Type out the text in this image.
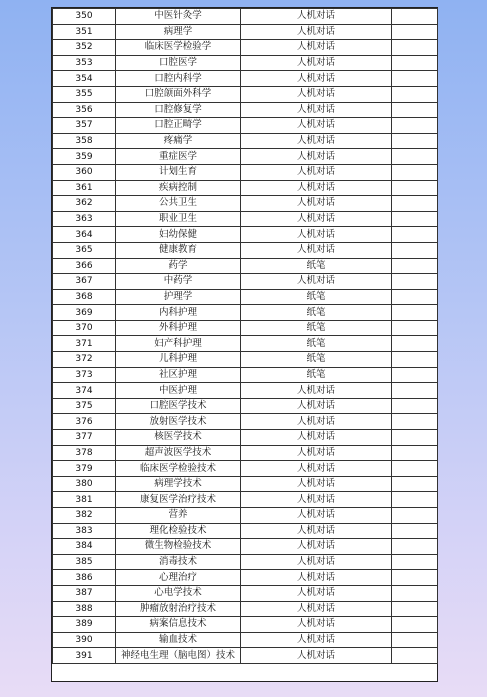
350	中医针灸学	人机对话	
351	病理学	人机对话	
352	临床医学检验学	人机对话	
353	口腔医学	人机对话	
354	口腔内科学	人机对话	
355	口腔颌面外科学	人机对话	
356	口腔修复学	人机对话	
357	口腔正畸学	人机对话	
358	疼痛学	人机对话	
359	重症医学	人机对话	
360	计划生育	人机对话	
361	疾病控制	人机对话	
362	公共卫生	人机对话	
363	职业卫生	人机对话	
364	妇幼保健	人机对话	
365	健康教育	人机对话	
366	药学	纸笔	
367	中药学	人机对话	
368	护理学	纸笔	
369	内科护理	纸笔	
370	外科护理	纸笔	
371	妇产科护理	纸笔	
372	儿科护理	纸笔	
373	社区护理	纸笔	
374	中医护理	人机对话	
375	口腔医学技术	人机对话	
376	放射医学技术	人机对话	
377	核医学技术	人机对话	
378	超声波医学技术	人机对话	
379	临床医学检验技术	人机对话	
380	病理学技术	人机对话	
381	康复医学治疗技术	人机对话	
382	营养	人机对话	
383	理化检验技术	人机对话	
384	微生物检验技术	人机对话	
385	消毒技术	人机对话	
386	心理治疗	人机对话	
387	心电学技术	人机对话	
388	肿瘤放射治疗技术	人机对话	
389	病案信息技术	人机对话	
390	输血技术	人机对话	
391	神经电生理（脑电图）技术	人机对话	
